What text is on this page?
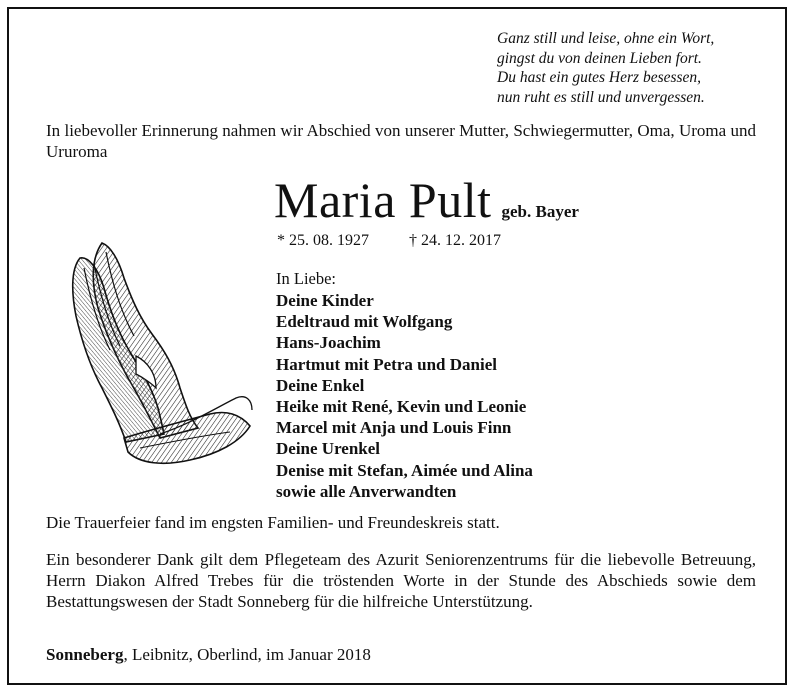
Ganz still und leise, ohne ein Wort,
gingst du von deinen Lieben fort.
Du hast ein gutes Herz besessen,
nun ruht es still und unvergessen.
In liebevoller Erinnerung nahmen wir Abschied von unserer Mutter, Schwiegermutter, Oma, Uroma und Ururoma
Maria Pult geb. Bayer
* 25. 08. 1927	† 24. 12. 2017
In Liebe:
Deine Kinder
Edeltraud mit Wolfgang
Hans-Joachim
Hartmut mit Petra und Daniel
Deine Enkel
Heike mit René, Kevin und Leonie
Marcel mit Anja und Louis Finn
Deine Urenkel
Denise mit Stefan, Aimée und Alina
sowie alle Anverwandten
Die Trauerfeier fand im engsten Familien- und Freundeskreis statt.
Ein besonderer Dank gilt dem Pflegeteam des Azurit Seniorenzentrums für die liebevolle Betreuung, Herrn Diakon Alfred Trebes für die tröstenden Worte in der Stunde des Abschieds sowie dem Bestattungswesen der Stadt Sonneberg für die hilfreiche Unterstützung.
Sonneberg, Leibnitz, Oberlind, im Januar 2018
